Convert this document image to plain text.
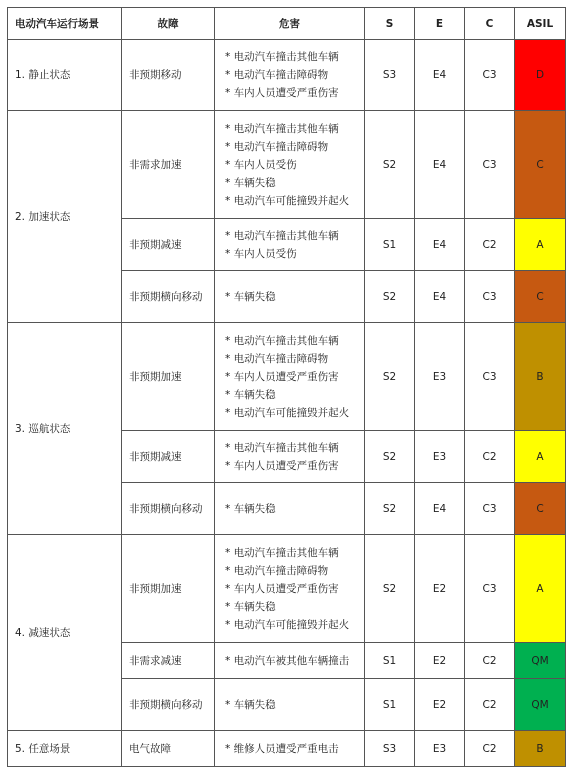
电动汽车运行场景	故障	危害	S	E	C	ASIL
1. 静止状态	非预期移动	* 电动汽车撞击其他车辆
* 电动汽车撞击障碍物
* 车内人员遭受严重伤害	S3	E4	C3	D
2. 加速状态	非需求加速	* 电动汽车撞击其他车辆
* 电动汽车撞击障碍物
* 车内人员受伤
* 车辆失稳
* 电动汽车可能撞毁并起火	S2	E4	C3	C
	非预期减速	* 电动汽车撞击其他车辆
* 车内人员受伤	S1	E4	C2	A
	非预期横向移动	* 车辆失稳	S2	E4	C3	C
3. 巡航状态	非预期加速	* 电动汽车撞击其他车辆
* 电动汽车撞击障碍物
* 车内人员遭受严重伤害
* 车辆失稳
* 电动汽车可能撞毁并起火	S2	E3	C3	B
	非预期减速	* 电动汽车撞击其他车辆
* 车内人员遭受严重伤害	S2	E3	C2	A
	非预期横向移动	* 车辆失稳	S2	E4	C3	C
4. 减速状态	非预期加速	* 电动汽车撞击其他车辆
* 电动汽车撞击障碍物
* 车内人员遭受严重伤害
* 车辆失稳
* 电动汽车可能撞毁并起火	S2	E2	C3	A
	非需求减速	* 电动汽车被其他车辆撞击	S1	E2	C2	QM
	非预期横向移动	* 车辆失稳	S1	E2	C2	QM
5. 任意场景	电气故障	* 维修人员遭受严重电击	S3	E3	C2	B
